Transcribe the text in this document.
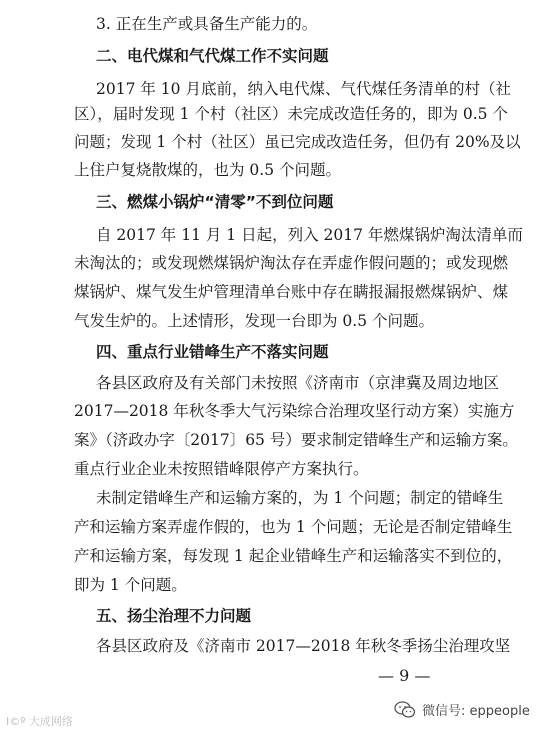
3. 正在生产或具备生产能力的。
二、电代煤和气代煤工作不实问题
2017 年 10 月底前，纳入电代煤、气代煤任务清单的村（社
区），届时发现 1 个村（社区）未完成改造任务的，即为 0.5 个
问题；发现 1 个村（社区）虽已完成改造任务，但仍有 20%及以
上住户复烧散煤的，也为 0.5 个问题。
三、燃煤小锅炉“清零”不到位问题
自 2017 年 11 月 1 日起，列入 2017 年燃煤锅炉淘汰清单而
未淘汰的；或发现燃煤锅炉淘汰存在弄虚作假问题的；或发现燃
煤锅炉、煤气发生炉管理清单台账中存在瞒报漏报燃煤锅炉、煤
气发生炉的。上述情形，发现一台即为 0.5 个问题。
四、重点行业错峰生产不落实问题
各县区政府及有关部门未按照《济南市（京津冀及周边地区
2017—2018 年秋冬季大气污染综合治理攻坚行动方案）实施方
案》（济政办字〔2017〕65 号）要求制定错峰生产和运输方案。
重点行业企业未按照错峰限停产方案执行。
未制定错峰生产和运输方案的，为 1 个问题；制定的错峰生
产和运输方案弄虚作假的，也为 1 个问题；无论是否制定错峰生
产和运输方案，每发现 1 起企业错峰生产和运输落实不到位的，
即为 1 个问题。
五、扬尘治理不力问题
各县区政府及《济南市 2017—2018 年秋冬季扬尘治理攻坚
— 9 —
I©º 大成网络
微信号: eppeople
